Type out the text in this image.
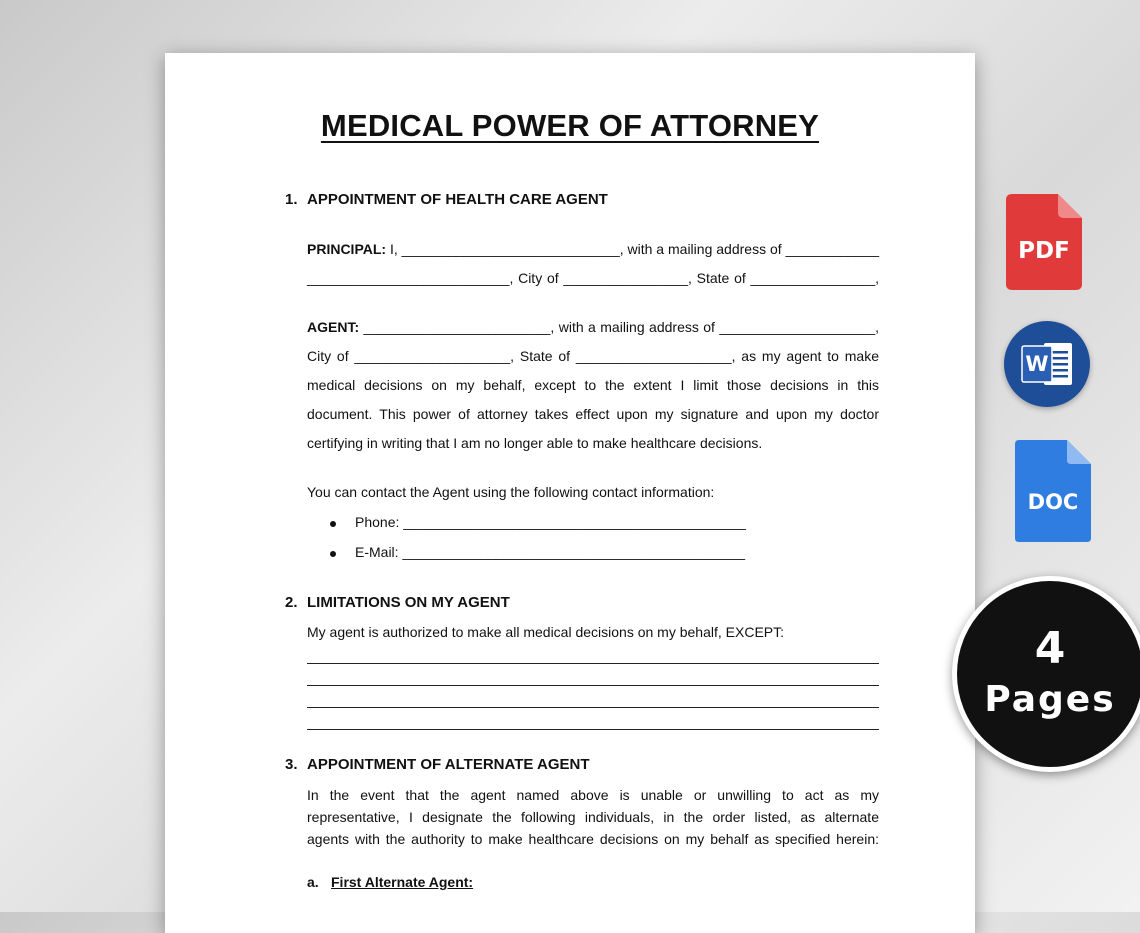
MEDICAL POWER OF ATTORNEY
1. APPOINTMENT OF HEALTH CARE AGENT
PRINCIPAL: I, ____________________________, with a mailing address of ____________
__________________________, City of ________________, State of ________________,
AGENT: ________________________, with a mailing address of ____________________,
City of ____________________, State of ____________________, as my agent to make
medical decisions on my behalf, except to the extent I limit those decisions in this
document. This power of attorney takes effect upon my signature and upon my doctor
certifying in writing that I am no longer able to make healthcare decisions.
You can contact the Agent using the following contact information:
Phone: ____________________________________________
E-Mail: ____________________________________________
2. LIMITATIONS ON MY AGENT
My agent is authorized to make all medical decisions on my behalf, EXCEPT:
3. APPOINTMENT OF ALTERNATE AGENT
In the event that the agent named above is unable or unwilling to act as my
representative, I designate the following individuals, in the order listed, as alternate
agents with the authority to make healthcare decisions on my behalf as specified herein:
a. First Alternate Agent:
PDF
W
DOC
4
Pages
